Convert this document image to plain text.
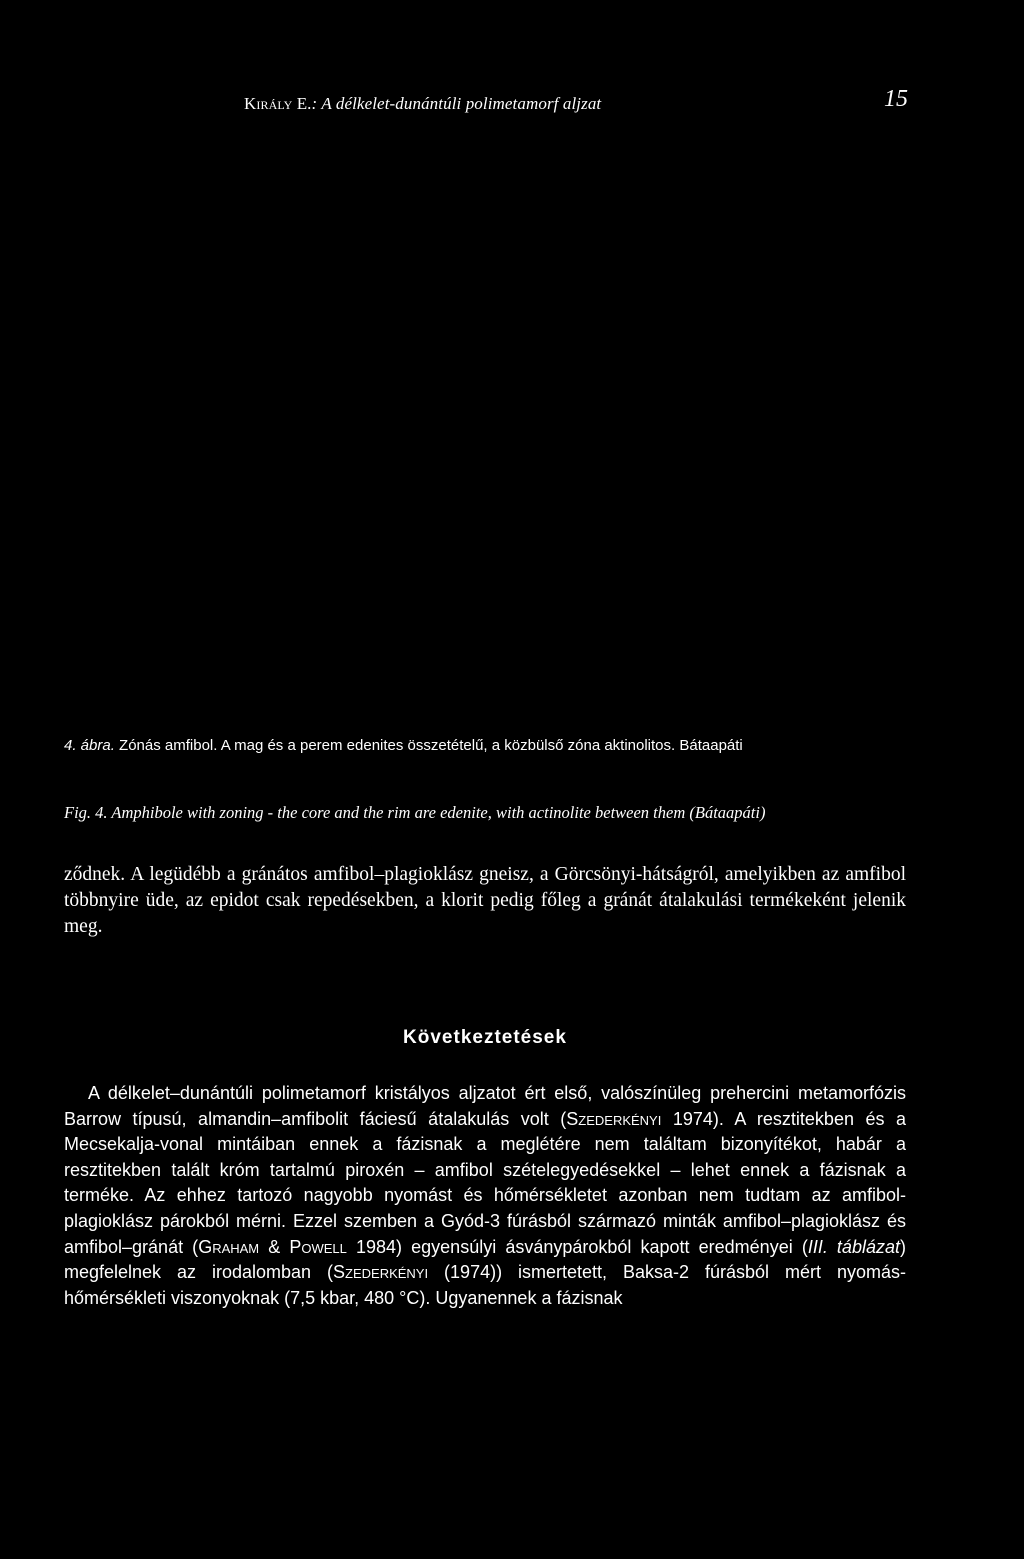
Király E.: A délkelet-dunántúli polimetamorf aljzat	15
4. ábra. Zónás amfibol. A mag és a perem edenites összetételű, a közbülső zóna aktinolitos. Bátaapáti
Fig. 4. Amphibole with zoning - the core and the rim are edenite, with actinolite between them (Bátaapáti)

ződnek. A legüdébb a gránátos amfibol–plagioklász gneisz, a Görcsönyi-hátságról, amelyikben az amfibol többnyire üde, az epidot csak repedésekben, a klorit pedig főleg a gránát átalakulási termékeként jelenik meg.

Következtetések

A délkelet–dunántúli polimetamorf kristályos aljzatot ért első, valószínüleg prehercini metamorfózis Barrow típusú, almandin–amfibolit fáciesű átalakulás volt (Szederkényi 1974). A resztitekben és a Mecsekalja-vonal mintáiban ennek a fázisnak a meglétére nem találtam bizonyítékot, habár a resztitekben talált króm tartalmú piroxén – amfibol szételegyedésekkel – lehet ennek a fázisnak a terméke. Az ehhez tartozó nagyobb nyomást és hőmérsékletet azonban nem tudtam az amfibol-plagioklász párokból mérni. Ezzel szemben a Gyód-3 fúrásból származó minták amfibol–plagioklász és amfibol–gránát (Graham & Powell 1984) egyensúlyi ásványpárokból kapott eredményei (III. táblázat) megfelelnek az irodalomban (Szederkényi (1974)) ismertetett, Baksa-2 fúrásból mért nyomás-hőmérsékleti viszonyoknak (7,5 kbar, 480 °C). Ugyanennek a fázisnak
